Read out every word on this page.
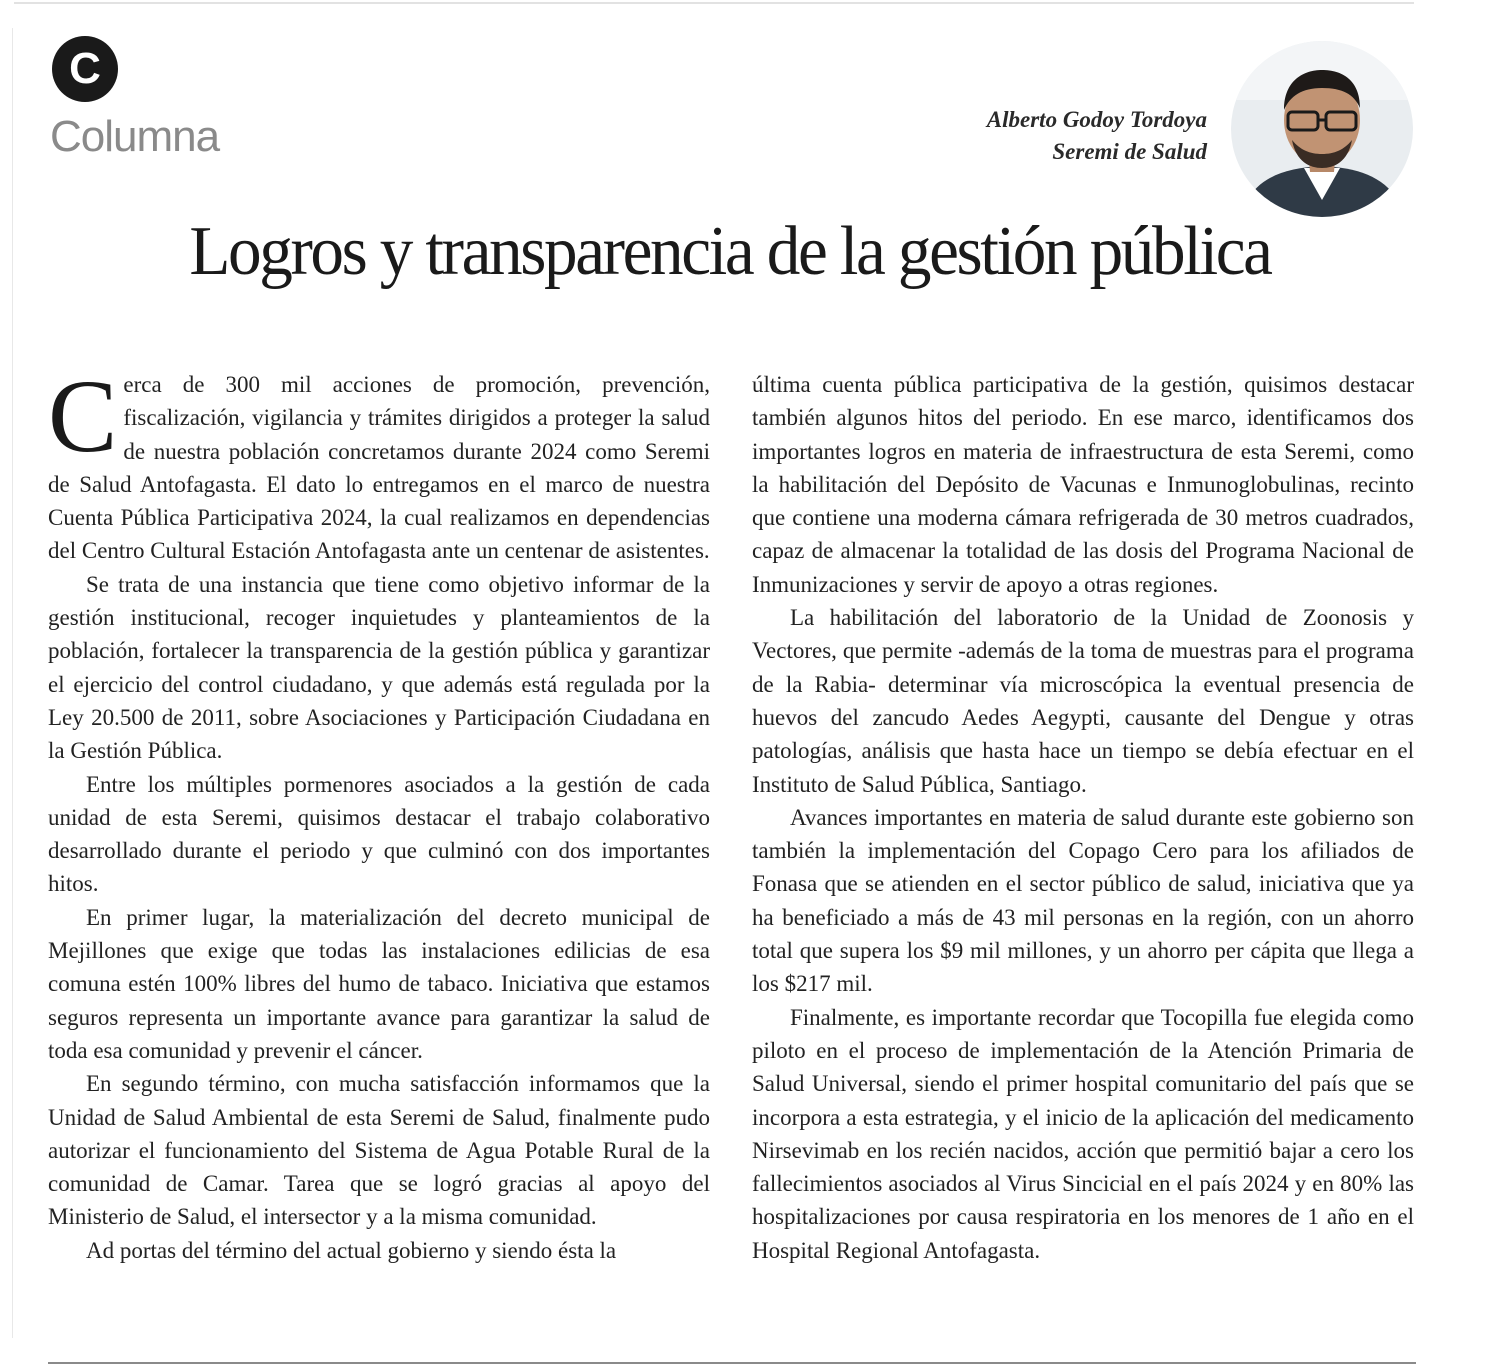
C
Columna	Alberto Godoy Tordoya
Seremi de Salud
Logros y transparencia de la gestión pública

Cerca de 300 mil acciones de promoción, prevención, fiscalización, vigilancia y trámites dirigidos a proteger la salud de nuestra población concretamos durante 2024 como Seremi de Salud Antofagasta. El dato lo entregamos en el marco de nuestra Cuenta Pública Participativa 2024, la cual realizamos en dependencias del Centro Cultural Estación Antofagasta ante un centenar de asistentes.

Se trata de una instancia que tiene como objetivo informar de la gestión institucional, recoger inquietudes y planteamientos de la población, fortalecer la transparencia de la gestión pública y garantizar el ejercicio del control ciudadano, y que además está regulada por la Ley 20.500 de 2011, sobre Asociaciones y Participación Ciudadana en la Gestión Pública.

Entre los múltiples pormenores asociados a la gestión de cada unidad de esta Seremi, quisimos destacar el trabajo colaborativo desarrollado durante el periodo y que culminó con dos importantes hitos.

En primer lugar, la materialización del decreto municipal de Mejillones que exige que todas las instalaciones edilicias de esa comuna estén 100% libres del humo de tabaco. Iniciativa que estamos seguros representa un importante avance para garantizar la salud de toda esa comunidad y prevenir el cáncer.

En segundo término, con mucha satisfacción informamos que la Unidad de Salud Ambiental de esta Seremi de Salud, finalmente pudo autorizar el funcionamiento del Sistema de Agua Potable Rural de la comunidad de Camar. Tarea que se logró gracias al apoyo del Ministerio de Salud, el intersector y a la misma comunidad.

Ad portas del término del actual gobierno y siendo ésta la

última cuenta pública participativa de la gestión, quisimos destacar también algunos hitos del periodo. En ese marco, identificamos dos importantes logros en materia de infraestructura de esta Seremi, como la habilitación del Depósito de Vacunas e Inmunoglobulinas, recinto que contiene una moderna cámara refrigerada de 30 metros cuadrados, capaz de almacenar la totalidad de las dosis del Programa Nacional de Inmunizaciones y servir de apoyo a otras regiones.

La habilitación del laboratorio de la Unidad de Zoonosis y Vectores, que permite -además de la toma de muestras para el programa de la Rabia- determinar vía microscópica la eventual presencia de huevos del zancudo Aedes Aegypti, causante del Dengue y otras patologías, análisis que hasta hace un tiempo se debía efectuar en el Instituto de Salud Pública, Santiago.

Avances importantes en materia de salud durante este gobierno son también la implementación del Copago Cero para los afiliados de Fonasa que se atienden en el sector público de salud, iniciativa que ya ha beneficiado a más de 43 mil personas en la región, con un ahorro total que supera los $9 mil millones, y un ahorro per cápita que llega a los $217 mil.

Finalmente, es importante recordar que Tocopilla fue elegida como piloto en el proceso de implementación de la Atención Primaria de Salud Universal, siendo el primer hospital comunitario del país que se incorpora a esta estrategia, y el inicio de la aplicación del medicamento Nirsevimab en los recién nacidos, acción que permitió bajar a cero los fallecimientos asociados al Virus Sincicial en el país 2024 y en 80% las hospitalizaciones por causa respiratoria en los menores de 1 año en el Hospital Regional Antofagasta.
